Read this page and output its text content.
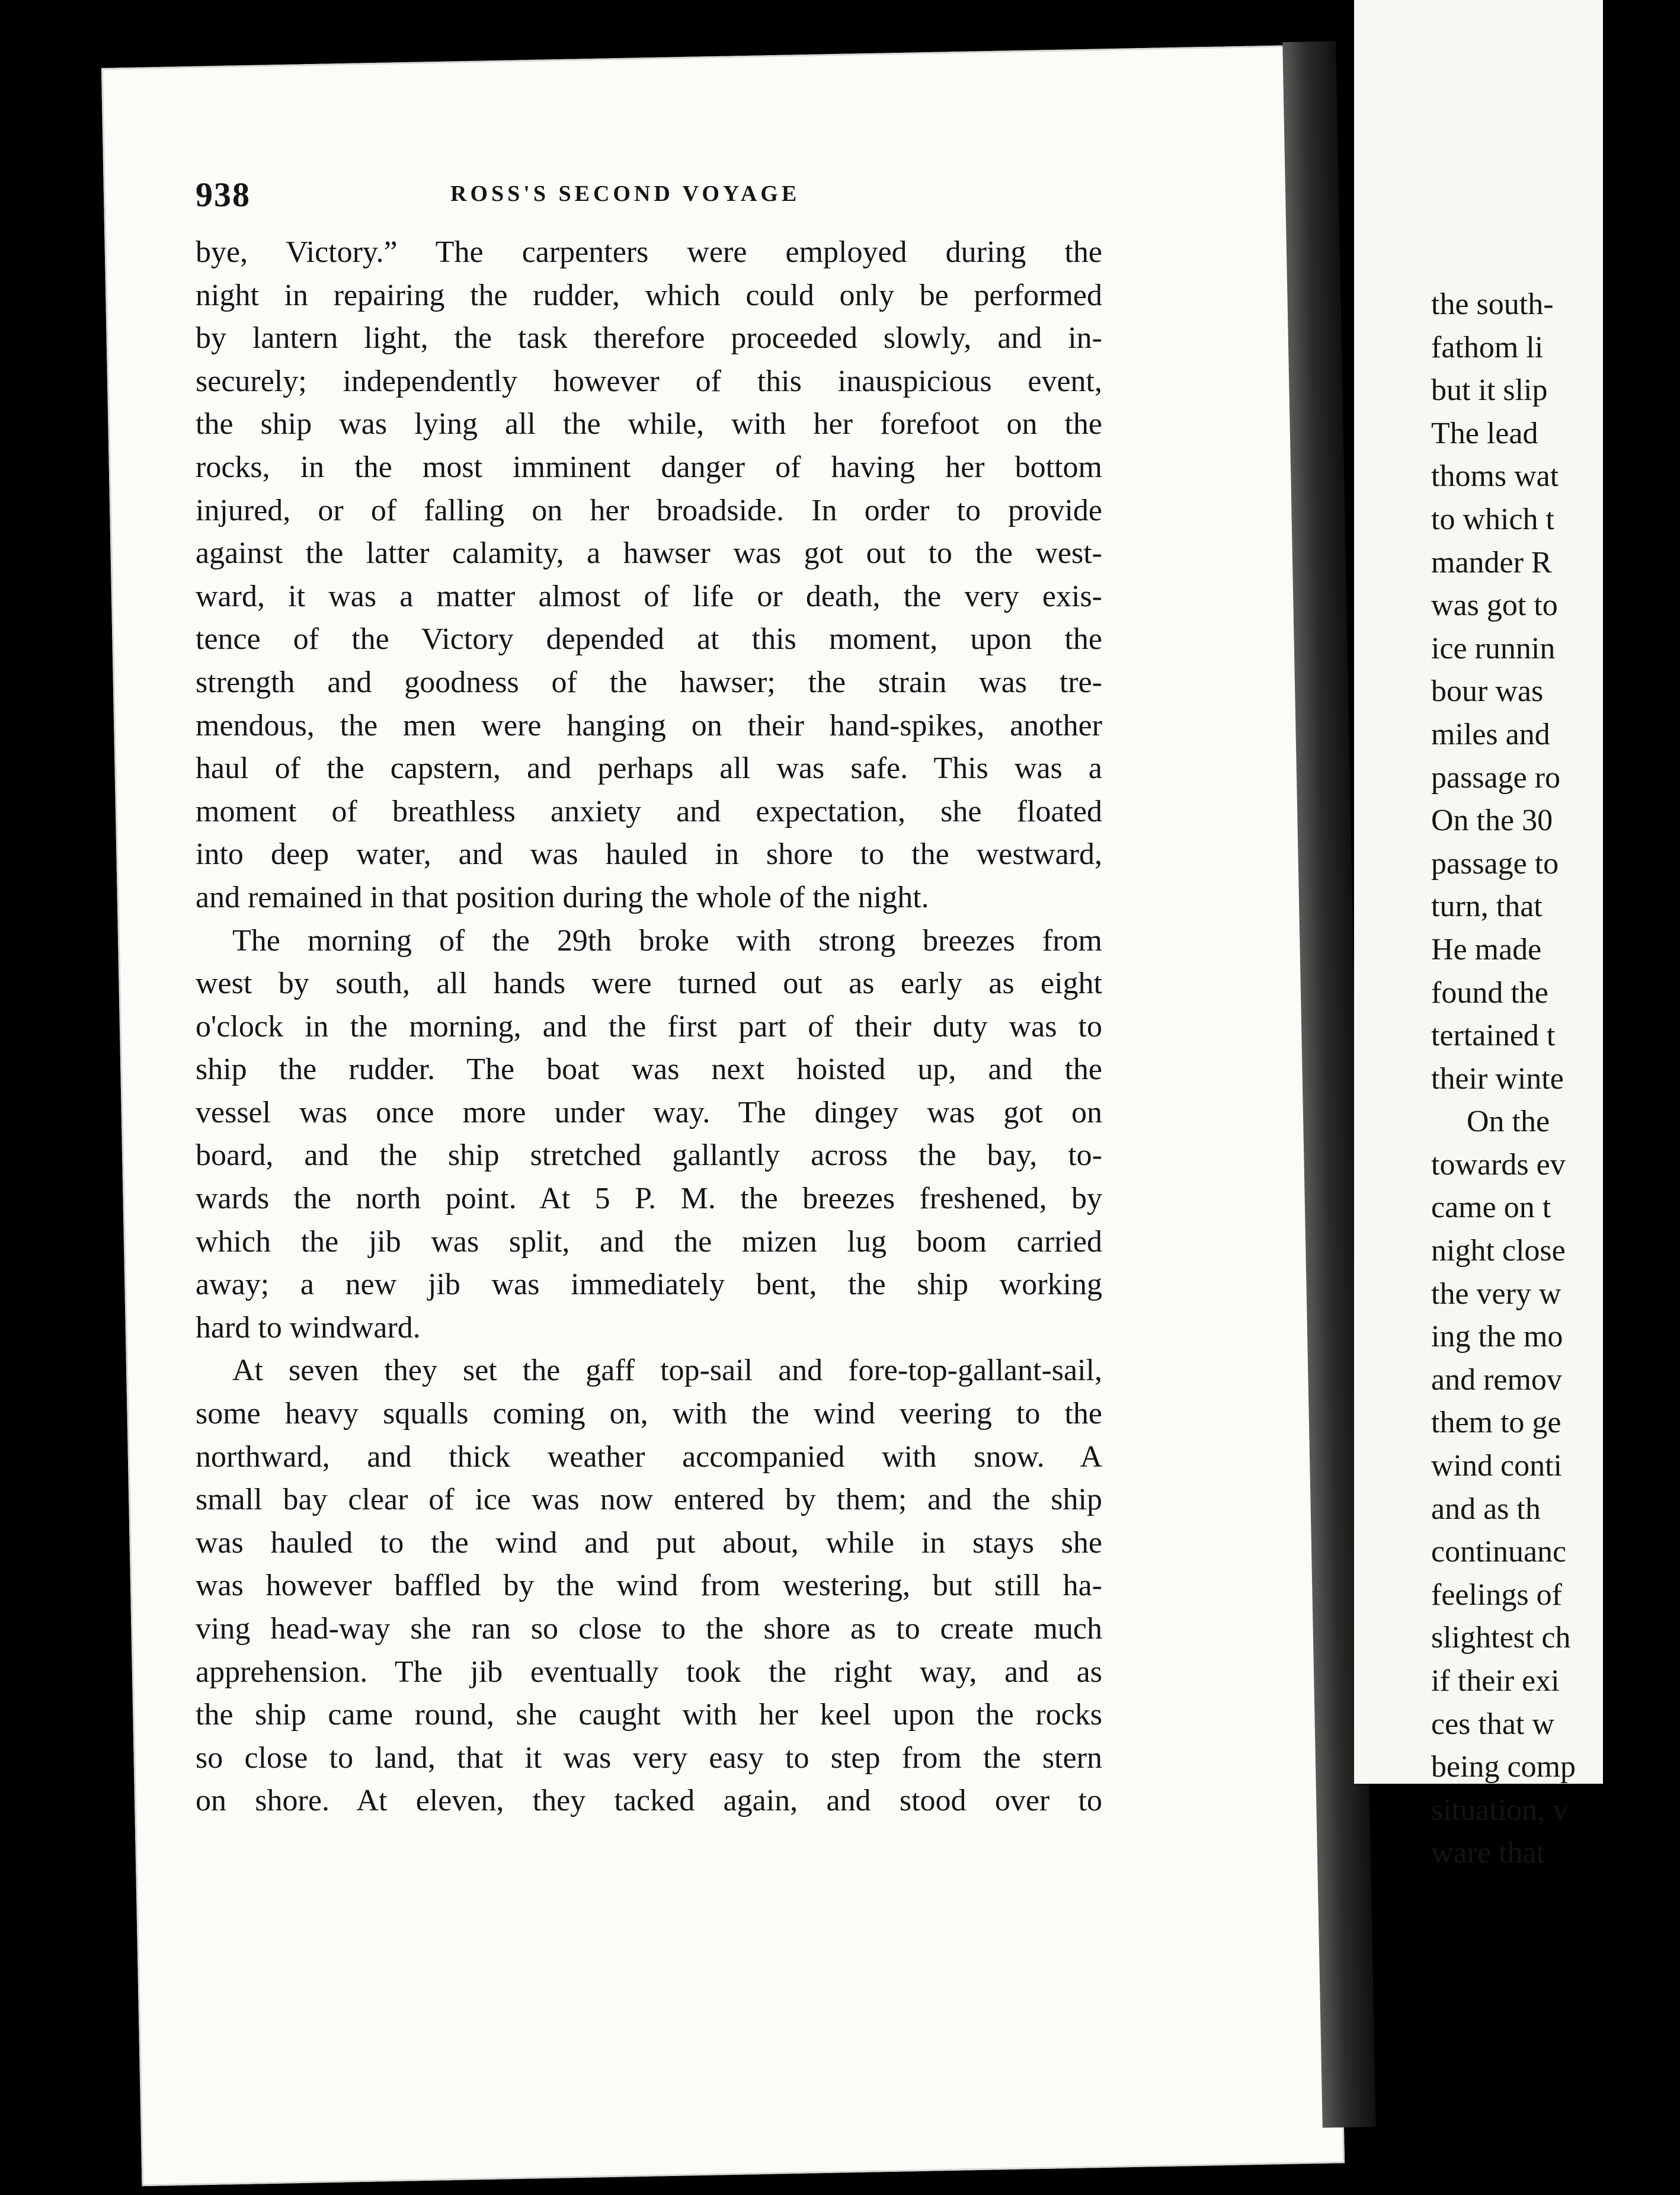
the south-
fathom li
but it slip
The lead
thoms wat
to which t
mander R
was got to
ice runnin
bour was
miles and
passage ro
On the 30
passage to
turn, that
He made
found the
tertained t
their winte
On the
towards ev
came on t
night close
the very w
ing the mo
and remov
them to ge
wind conti
and as th
continuanc
feelings of
slightest ch
if their exi
ces that w
being comp
situation, v
ware that
938	ROSS'S SECOND VOYAGE
bye, Victory.” The carpenters were employed during the
night in repairing the rudder, which could only be performed
by lantern light, the task therefore proceeded slowly, and in-
securely; independently however of this inauspicious event,
the ship was lying all the while, with her forefoot on the
rocks, in the most imminent danger of having her bottom
injured, or of falling on her broadside. In order to provide
against the latter calamity, a hawser was got out to the west-
ward, it was a matter almost of life or death, the very exis-
tence of the Victory depended at this moment, upon the
strength and goodness of the hawser; the strain was tre-
mendous, the men were hanging on their hand-spikes, another
haul of the capstern, and perhaps all was safe. This was a
moment of breathless anxiety and expectation, she floated
into deep water, and was hauled in shore to the westward,
and remained in that position during the whole of the night.
The morning of the 29th broke with strong breezes from
west by south, all hands were turned out as early as eight
o'clock in the morning, and the first part of their duty was to
ship the rudder. The boat was next hoisted up, and the
vessel was once more under way. The dingey was got on
board, and the ship stretched gallantly across the bay, to-
wards the north point. At 5 P. M. the breezes freshened, by
which the jib was split, and the mizen lug boom carried
away; a new jib was immediately bent, the ship working
hard to windward.
At seven they set the gaff top-sail and fore-top-gallant-sail,
some heavy squalls coming on, with the wind veering to the
northward, and thick weather accompanied with snow. A
small bay clear of ice was now entered by them; and the ship
was hauled to the wind and put about, while in stays she
was however baffled by the wind from westering, but still ha-
ving head-way she ran so close to the shore as to create much
apprehension. The jib eventually took the right way, and as
the ship came round, she caught with her keel upon the rocks
so close to land, that it was very easy to step from the stern
on shore. At eleven, they tacked again, and stood over to
